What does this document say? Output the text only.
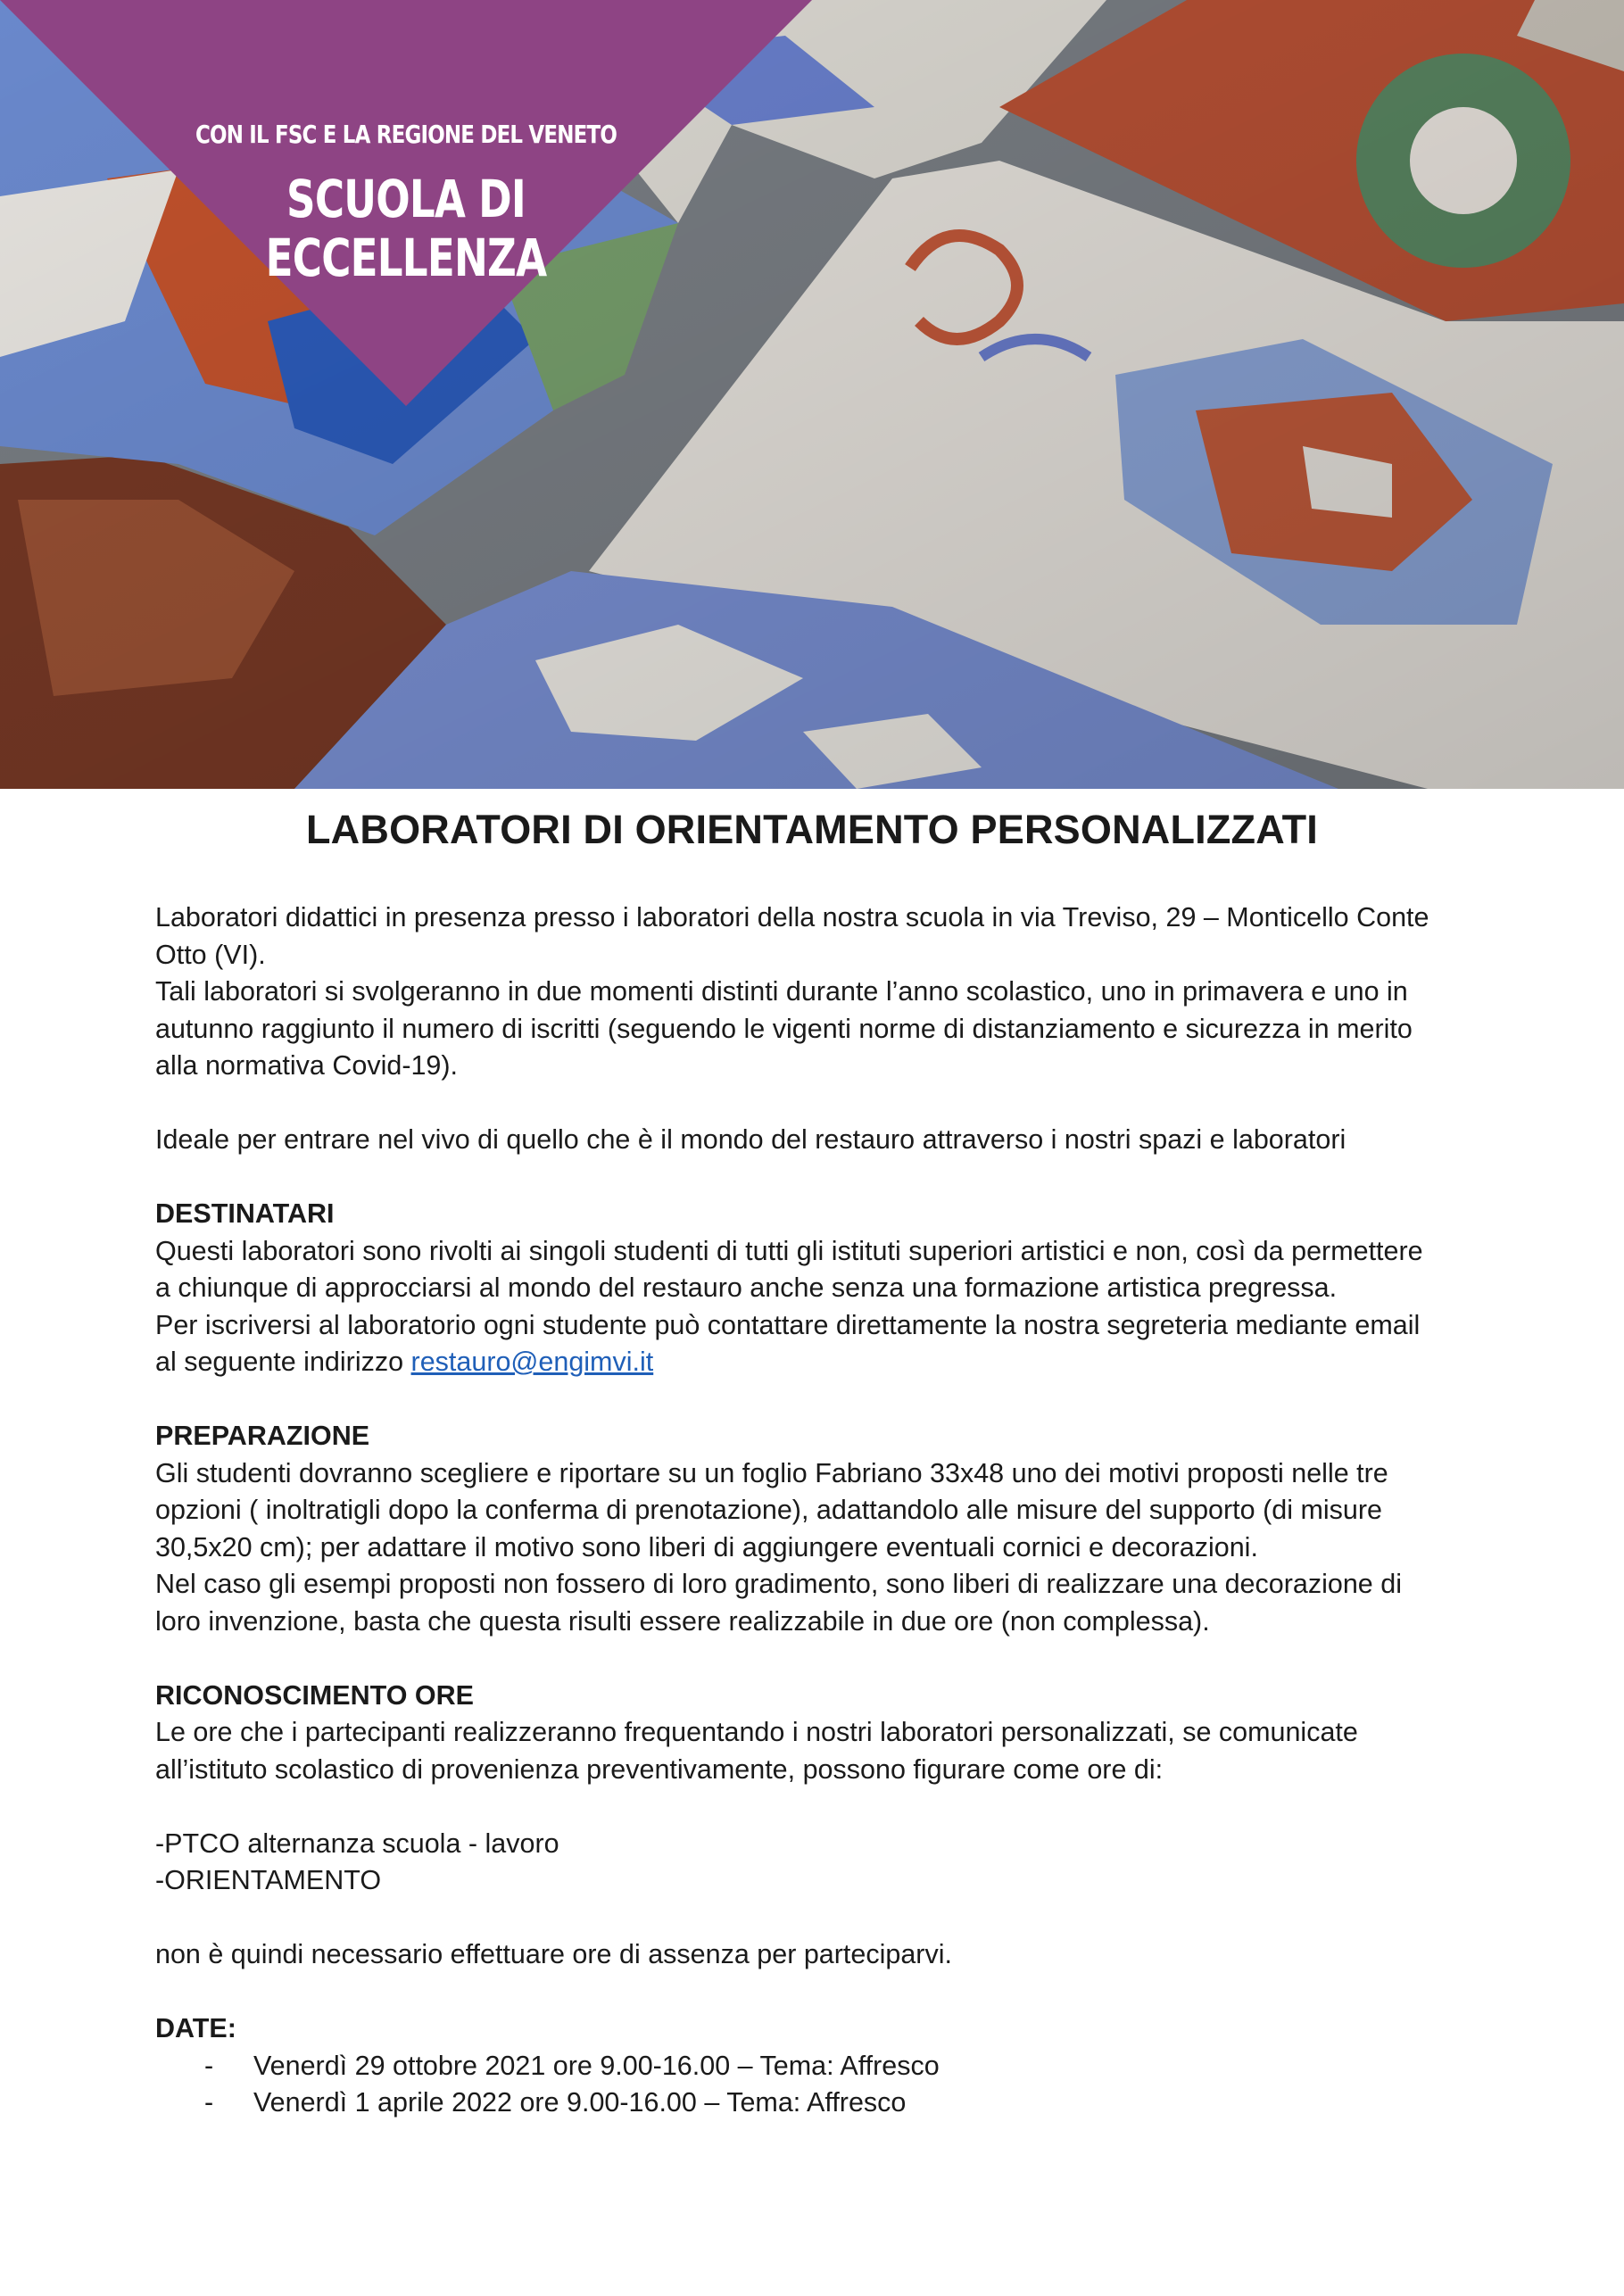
CON IL FSC E LA REGIONE DEL VENETO
SCUOLA DI
ECCELLENZA
LABORATORI DI ORIENTAMENTO PERSONALIZZATI

Laboratori didattici in presenza presso i laboratori della nostra scuola in via Treviso, 29 – Monticello Conte

Otto (VI).

Tali laboratori si svolgeranno in due momenti distinti durante l’anno scolastico, uno in primavera e uno in

autunno raggiunto il numero di iscritti (seguendo le vigenti norme di distanziamento e sicurezza in merito

alla normativa Covid-19).

Ideale per entrare nel vivo di quello che è il mondo del restauro attraverso i nostri spazi e laboratori

DESTINATARI

Questi laboratori sono rivolti ai singoli studenti di tutti gli istituti superiori artistici e non, così da permettere

a chiunque di approcciarsi al mondo del restauro anche senza una formazione artistica pregressa.

Per iscriversi al laboratorio ogni studente può contattare direttamente la nostra segreteria mediante email

al seguente indirizzo restauro@engimvi.it

PREPARAZIONE

Gli studenti dovranno scegliere e riportare su un foglio Fabriano 33x48 uno dei motivi proposti nelle tre

opzioni ( inoltratigli dopo la conferma di prenotazione), adattandolo alle misure del supporto (di misure

30,5x20 cm); per adattare il motivo sono liberi di aggiungere eventuali cornici e decorazioni.

Nel caso gli esempi proposti non fossero di loro gradimento, sono liberi di realizzare una decorazione di

loro invenzione, basta che questa risulti essere realizzabile in due ore (non complessa).

RICONOSCIMENTO ORE

Le ore che i partecipanti realizzeranno frequentando i nostri laboratori personalizzati, se comunicate

all’istituto scolastico di provenienza preventivamente, possono figurare come ore di:

-PTCO alternanza scuola - lavoro

-ORIENTAMENTO

non è quindi necessario effettuare ore di assenza per parteciparvi.

DATE:

- Venerdì 29 ottobre 2021 ore 9.00-16.00 – Tema: Affresco
- Venerdì 1 aprile 2022 ore 9.00-16.00 – Tema: Affresco
